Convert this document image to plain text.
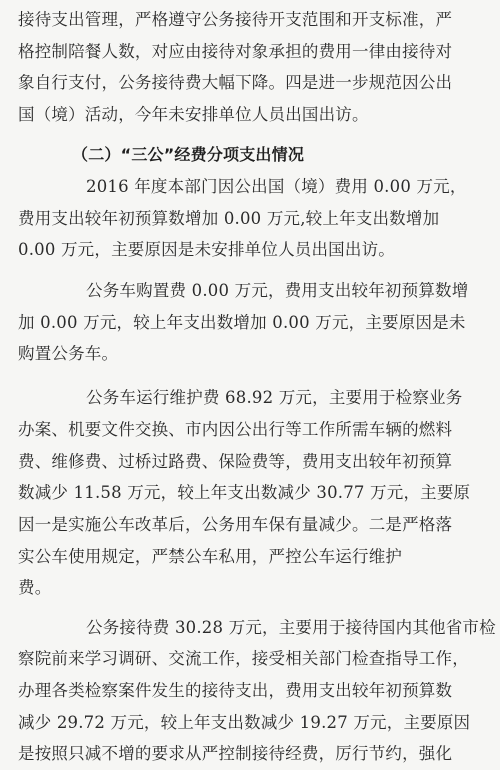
接待支出管理，严格遵守公务接待开支范围和开支标准，严
格控制陪餐人数，对应由接待对象承担的费用一律由接待对
象自行支付，公务接待费大幅下降。四是进一步规范因公出
国（境）活动，今年未安排单位人员出国出访。
（二）“三公”经费分项支出情况
2016 年度本部门因公出国（境）费用 0.00 万元，
费用支出较年初预算数增加 0.00 万元,较上年支出数增加
0.00 万元，主要原因是未安排单位人员出国出访。
公务车购置费 0.00 万元，费用支出较年初预算数增
加 0.00 万元，较上年支出数增加 0.00 万元，主要原因是未
购置公务车。
公务车运行维护费 68.92 万元，主要用于检察业务
办案、机要文件交换、市内因公出行等工作所需车辆的燃料
费、维修费、过桥过路费、保险费等，费用支出较年初预算
数减少 11.58 万元，较上年支出数减少 30.77 万元，主要原
因一是实施公车改革后，公务用车保有量减少。二是严格落
实公车使用规定，严禁公车私用，严控公车运行维护
费。
公务接待费 30.28 万元，主要用于接待国内其他省市检
察院前来学习调研、交流工作，接受相关部门检查指导工作，
办理各类检察案件发生的接待支出，费用支出较年初预算数
减少 29.72 万元，较上年支出数减少 19.27 万元，主要原因
是按照只减不增的要求从严控制接待经费，厉行节约，强化
